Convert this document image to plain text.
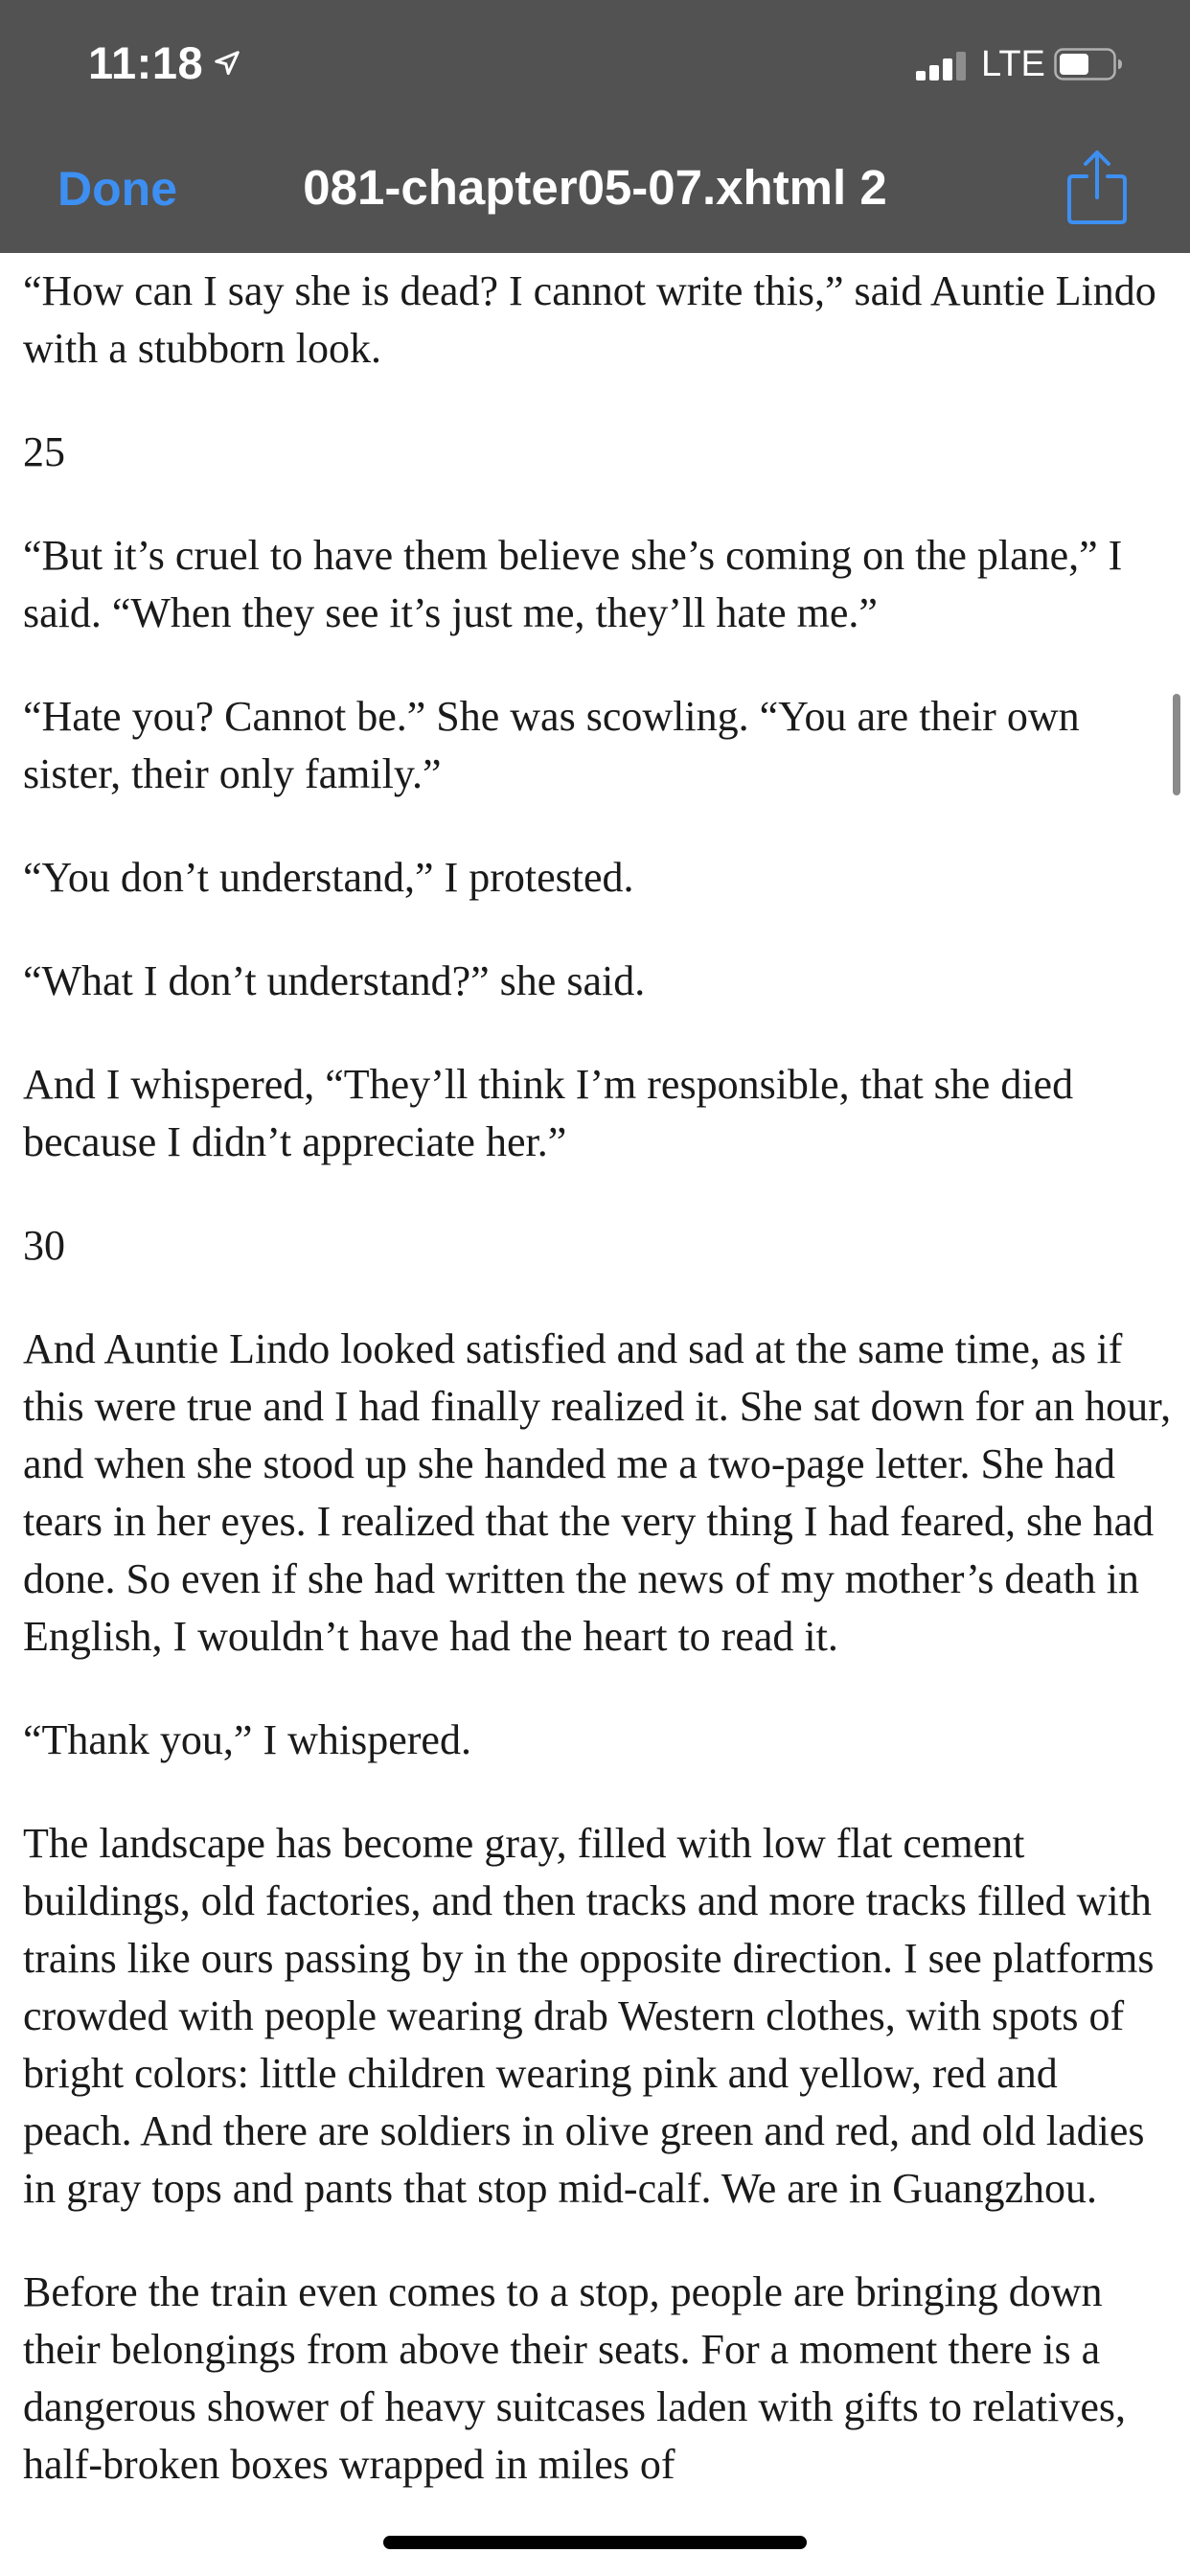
11:18	LTE
Done	081-chapter05-07.xhtml 2

“How can I say she is dead? I cannot write this,” said Auntie Lindo with a stubborn look.

25

“But it’s cruel to have them believe she’s coming on the plane,” I said. “When they see it’s just me, they’ll hate me.”

“Hate you? Cannot be.” She was scowling. “You are their own sister, their only family.”

“You don’t understand,” I protested.

“What I don’t understand?” she said.

And I whispered, “They’ll think I’m responsible, that she died because I didn’t appreciate her.”

30

And Auntie Lindo looked satisfied and sad at the same time, as if this were true and I had finally realized it. She sat down for an hour, and when she stood up she handed me a two-page letter. She had tears in her eyes. I realized that the very thing I had feared, she had done. So even if she had written the news of my mother’s death in English, I wouldn’t have had the heart to read it.

“Thank you,” I whispered.

The landscape has become gray, filled with low flat cement buildings, old factories, and then tracks and more tracks filled with trains like ours passing by in the opposite direction. I see platforms crowded with people wearing drab Western clothes, with spots of bright colors: little children wearing pink and yellow, red and peach. And there are soldiers in olive green and red, and old ladies in gray tops and pants that stop mid-calf. We are in Guangzhou.

Before the train even comes to a stop, people are bringing down their belongings from above their seats. For a moment there is a dangerous shower of heavy suitcases laden with gifts to relatives, half-broken boxes wrapped in miles of
